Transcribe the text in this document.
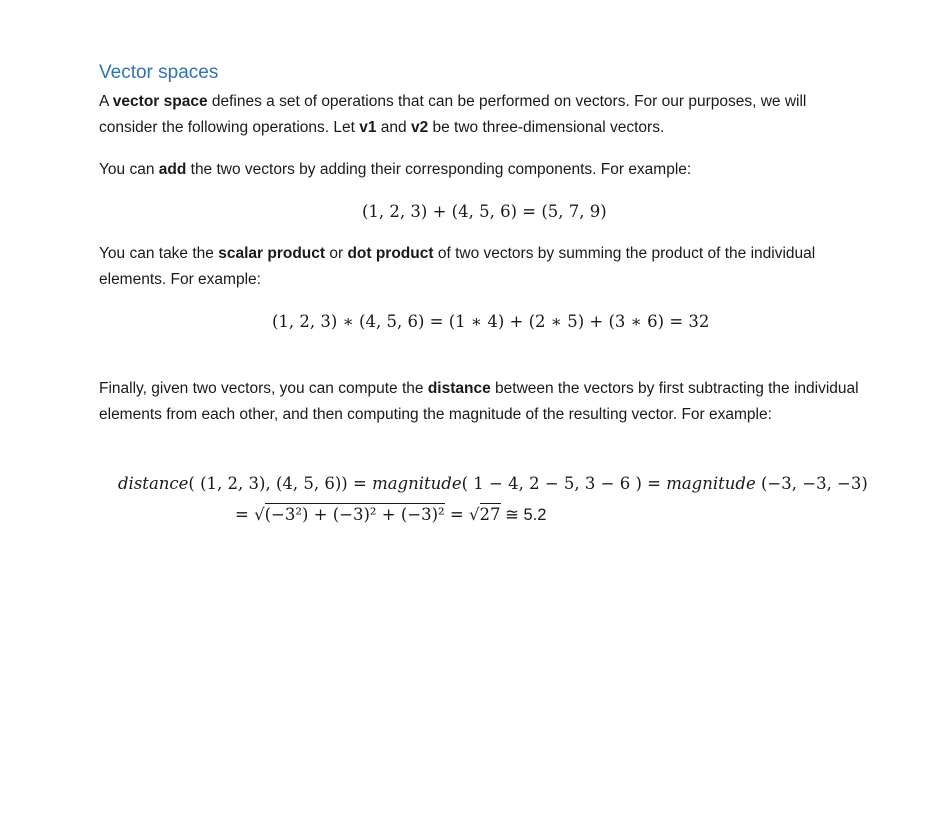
Vector spaces

A vector space defines a set of operations that can be performed on vectors. For our purposes, we will consider the following operations. Let v1 and v2 be two three-dimensional vectors.

You can add the two vectors by adding their corresponding components. For example:

(1, 2, 3) + (4, 5, 6) = (5, 7, 9)

You can take the scalar product or dot product of two vectors by summing the product of the individual elements. For example:

(1, 2, 3) ∗ (4, 5, 6) = (1 ∗ 4) + (2 ∗ 5) + (3 ∗ 6) = 32

Finally, given two vectors, you can compute the distance between the vectors by first subtracting the individual elements from each other, and then computing the magnitude of the resulting vector. For example:

distance( (1, 2, 3), (4, 5, 6)) = magnitude( 1 − 4, 2 − 5, 3 − 6 ) = magnitude (−3, −3, −3)

= √(−3²) + (−3)² + (−3)² = √27 ≅ 5.2
